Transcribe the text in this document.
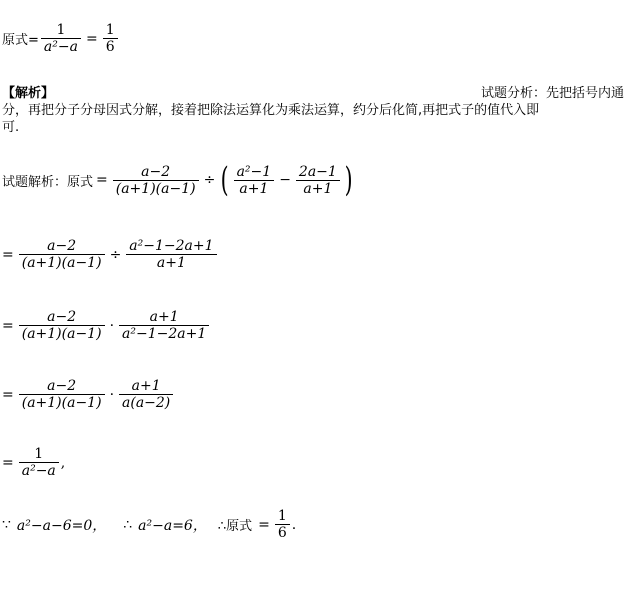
原式= $\frac{1}{\text{a²−a}} = \frac{1}{6}$
【解析】	试题分析：先把括号内通
分，再把分子分母因式分解，接着把除法运算化为乘法运算，约分后化简,再把式子的值代入即
可.
试题解析：原式 = $\frac{a-2}{(a+1)(a-1)}$ ÷ ( $\frac{\text{a²−1}}{a+1} - \frac{2a-1}{a+1}$ )
= $\frac{a-2}{(a+1)(a-1)} \div \frac{\text{a²−1−2a+1}}{a+1}$
= $\frac{a-2}{(a+1)(a-1)} \cdot \frac{a+1}{\text{a²−1−2a+1}}$
= $\frac{a-2}{(a+1)(a-1)} \cdot \frac{a+1}{a(a-2)}$
= $\frac{1}{\text{a²−a}}$ ,
∵ a²−a−6=0， ∴ a²−a=6， ∴原式 = $\frac{1}{6}$ .
